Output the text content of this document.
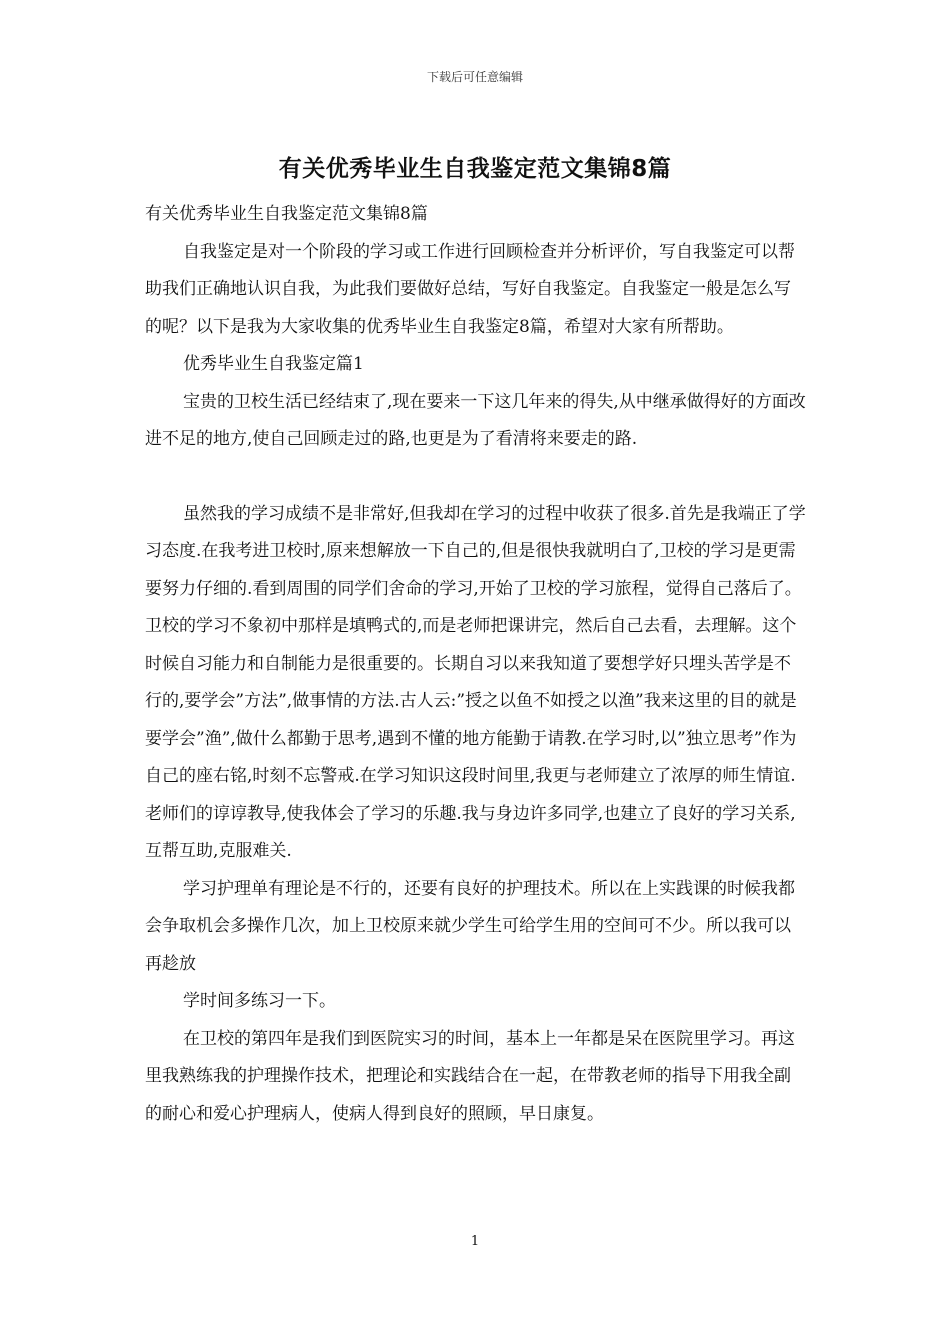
下载后可任意编辑
有关优秀毕业生自我鉴定范文集锦8篇

有关优秀毕业生自我鉴定范文集锦8篇

自我鉴定是对一个阶段的学习或工作进行回顾检查并分析评价，写自我鉴定可以帮助我们正确地认识自我，为此我们要做好总结，写好自我鉴定。自我鉴定一般是怎么写的呢？以下是我为大家收集的优秀毕业生自我鉴定8篇，希望对大家有所帮助。

优秀毕业生自我鉴定篇1

宝贵的卫校生活已经结束了,现在要来一下这几年来的得失,从中继承做得好的方面改进不足的地方,使自己回顾走过的路,也更是为了看清将来要走的路.

虽然我的学习成绩不是非常好,但我却在学习的过程中收获了很多.首先是我端正了学习态度.在我考进卫校时,原来想解放一下自己的,但是很快我就明白了,卫校的学习是更需要努力仔细的.看到周围的同学们舍命的学习,开始了卫校的学习旅程，觉得自己落后了。卫校的学习不象初中那样是填鸭式的,而是老师把课讲完，然后自己去看，去理解。这个时候自习能力和自制能力是很重要的。长期自习以来我知道了要想学好只埋头苦学是不行的,要学会”方法”,做事情的方法.古人云:”授之以鱼不如授之以渔”我来这里的目的就是要学会”渔”,做什么都勤于思考,遇到不懂的地方能勤于请教.在学习时,以”独立思考”作为自己的座右铭,时刻不忘警戒.在学习知识这段时间里,我更与老师建立了浓厚的师生情谊.老师们的谆谆教导,使我体会了学习的乐趣.我与身边许多同学,也建立了良好的学习关系,互帮互助,克服难关.

学习护理单有理论是不行的，还要有良好的护理技术。所以在上实践课的时候我都会争取机会多操作几次，加上卫校原来就少学生可给学生用的空间可不少。所以我可以再趁放

学时间多练习一下。

在卫校的第四年是我们到医院实习的时间，基本上一年都是呆在医院里学习。再这里我熟练我的护理操作技术，把理论和实践结合在一起，在带教老师的指导下用我全副的耐心和爱心护理病人，使病人得到良好的照顾，早日康复。

1
